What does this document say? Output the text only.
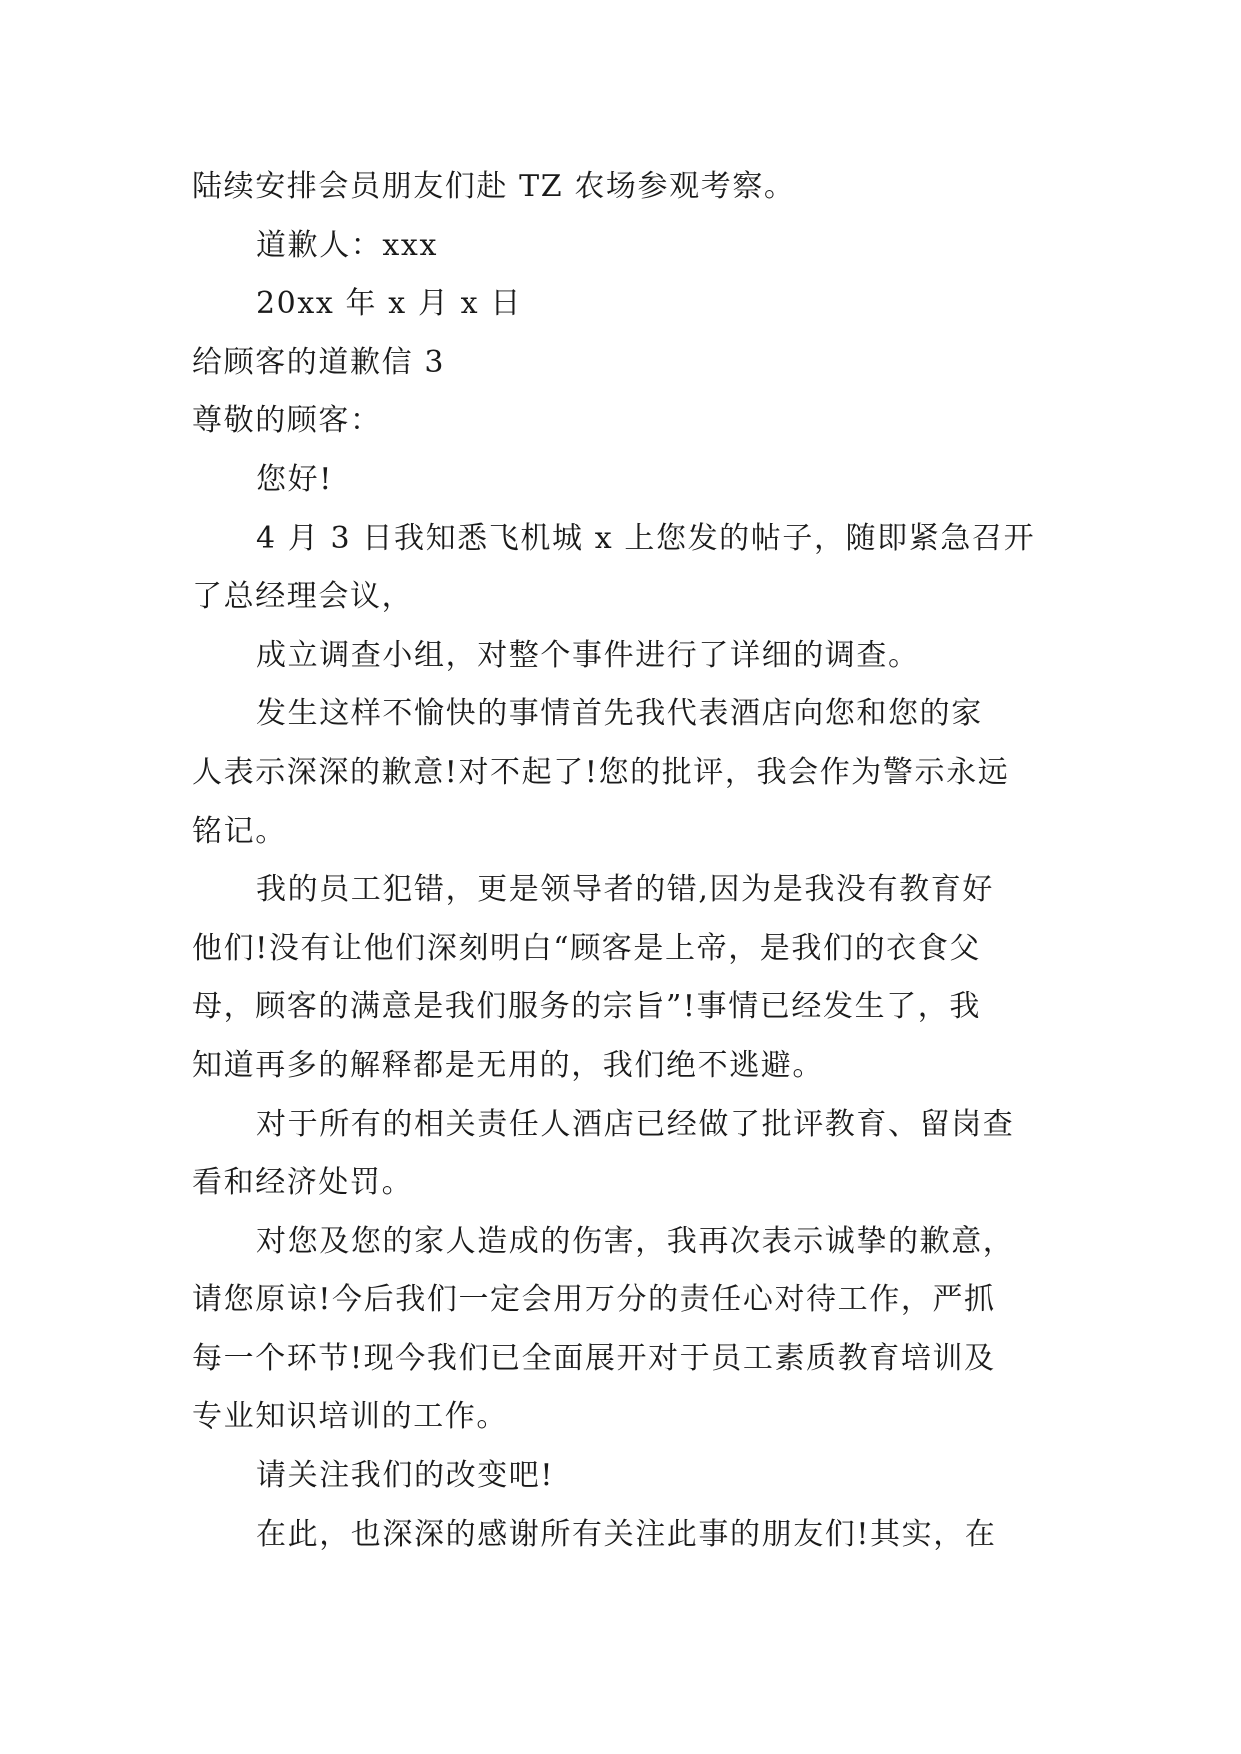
陆续安排会员朋友们赴 TZ 农场参观考察。
道歉人：xxx
20xx 年 x 月 x 日
给顾客的道歉信 3
尊敬的顾客：
您好!
4 月 3 日我知悉飞机城 x 上您发的帖子，随即紧急召开
了总经理会议，
成立调查小组，对整个事件进行了详细的调查。
发生这样不愉快的事情首先我代表酒店向您和您的家
人表示深深的歉意!对不起了!您的批评，我会作为警示永远
铭记。
我的员工犯错，更是领导者的错,因为是我没有教育好
他们!没有让他们深刻明白“顾客是上帝，是我们的衣食父
母，顾客的满意是我们服务的宗旨”!事情已经发生了，我
知道再多的解释都是无用的，我们绝不逃避。
对于所有的相关责任人酒店已经做了批评教育、留岗查
看和经济处罚。
对您及您的家人造成的伤害，我再次表示诚挚的歉意，
请您原谅!今后我们一定会用万分的责任心对待工作，严抓
每一个环节!现今我们已全面展开对于员工素质教育培训及
专业知识培训的工作。
请关注我们的改变吧!
在此，也深深的感谢所有关注此事的朋友们!其实，在
